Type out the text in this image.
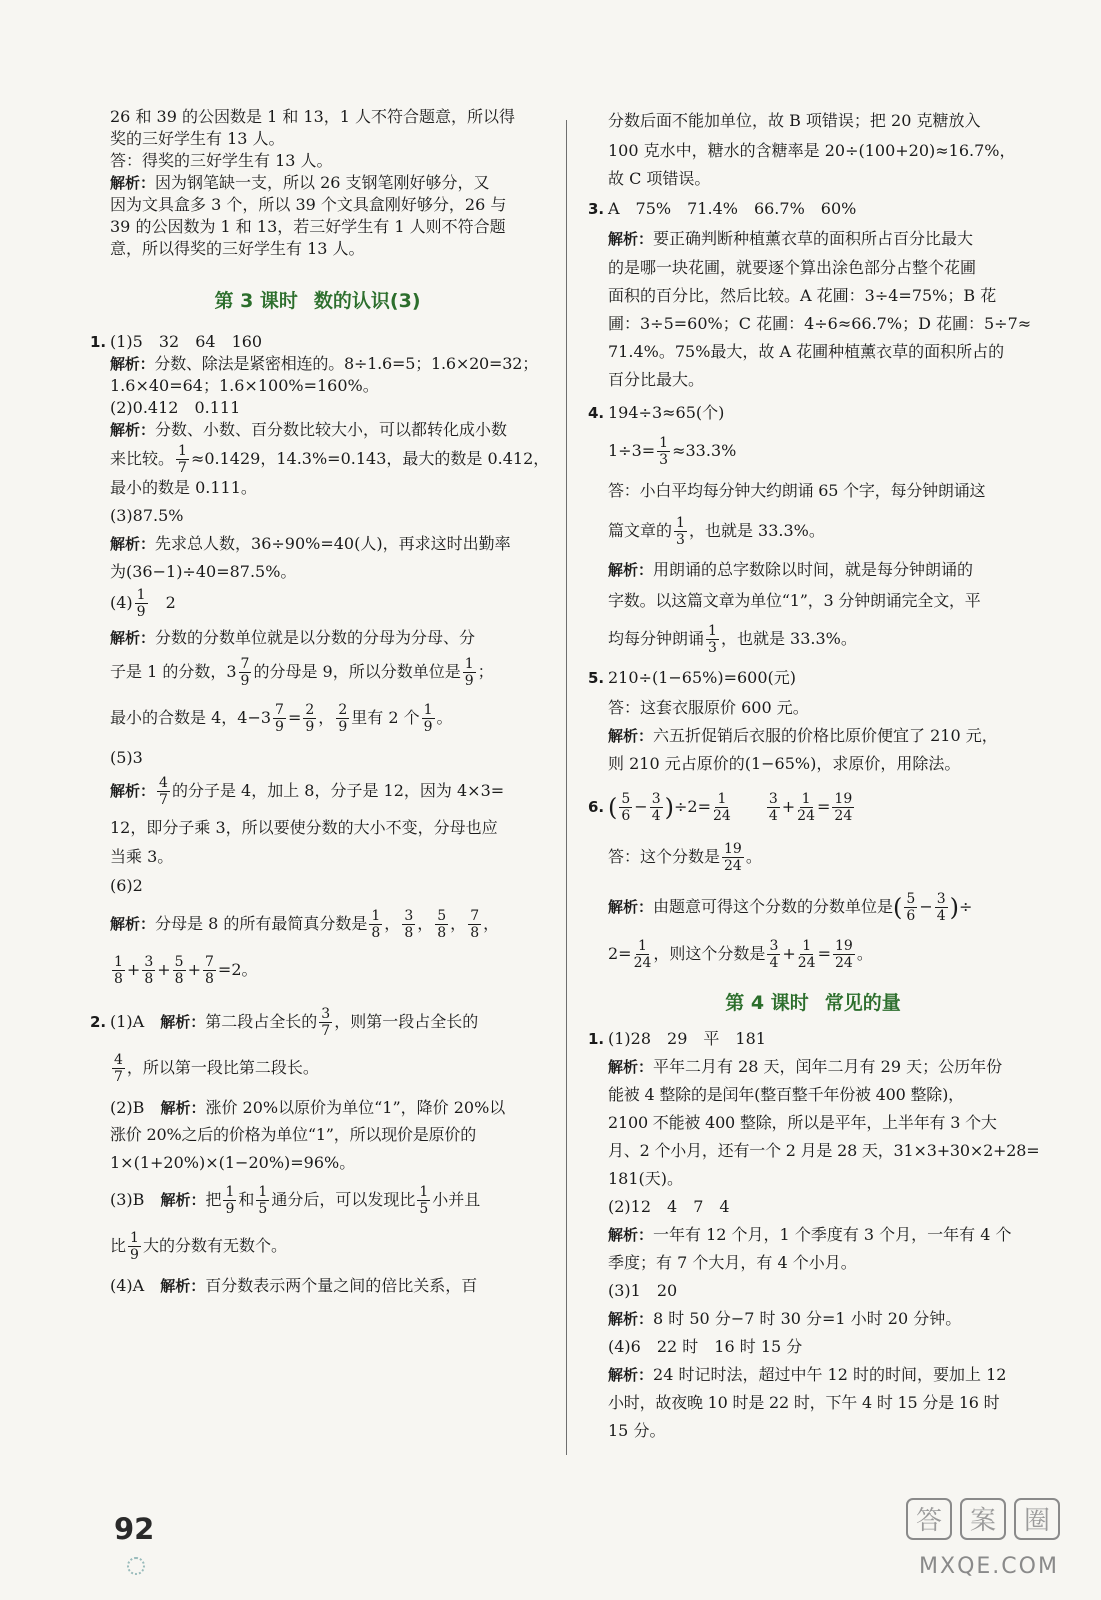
26 和 39 的公因数是 1 和 13，1 人不符合题意，所以得

奖的三好学生有 13 人。

答：得奖的三好学生有 13 人。

解析：因为钢笔缺一支，所以 26 支钢笔刚好够分，又

因为文具盒多 3 个，所以 39 个文具盒刚好够分，26 与

39 的公因数为 1 和 13，若三好学生有 1 人则不符合题

意，所以得奖的三好学生有 13 人。

第 3 课时 数的认识(3)

1. (1)5　32　64　160

解析：分数、除法是紧密相连的。8÷1.6=5；1.6×20=32；

1.6×40=64；1.6×100%=160%。

(2)0.412　0.111

解析：分数、小数、百分数比较大小，可以都转化成小数

来比较。 $\frac{1}{7} \approx 0.1429$，14.3%=0.143，最大的数是 0.412，

最小的数是 0.111。

(3)87.5%

解析：先求总人数，36÷90%=40(人)，再求这时出勤率

为(36−1)÷40=87.5%。

$(4) \frac{1}{9}$
　 2

解析：分数的分数单位就是以分数的分母为分母、分

子是 1 的分数，$3 \frac{7}{9}$ 的分母是 9，所以分数单位是 $\frac{1}{9}$ ；

最小的合数是 4，$4-3 \frac{7}{9} = \frac{2}{9}$ ， $\frac{2}{9}$ 里有 2 个 $\frac{1}{9}$ 。

(5)3

解析： $\frac{4}{7}$ 的分子是 4，加上 8，分子是 12，因为 4×3=

12，即分子乘 3，所以要使分数的大小不变，分母也应

当乘 3。

(6)2

解析：分母是 8 的所有最简真分数是 $\frac{1}{8}$ ， $\frac{3}{8}$ ， $\frac{5}{8}$ ， $\frac{7}{8}$ ，

$\frac{1}{8} + \frac{3}{8} + \frac{5}{8} + \frac{7}{8} =2$。

2. (1)A　 解析：第二段占全长的 $\frac{3}{7}$ ，则第一段占全长的

$\frac{4}{7}$ ，所以第一段比第二段长。

(2)B　 解析：涨价 20%以原价为单位“1”，降价 20%以

涨价 20%之后的价格为单位“1”，所以现价是原价的

1×(1+20%)×(1−20%)=96%。

(3)B　 解析：把 $\frac{1}{9}$ 和 $\frac{1}{5}$ 通分后，可以发现比 $\frac{1}{5}$ 小并且

比 $\frac{1}{9}$ 大的分数有无数个。

(4)A　 解析：百分数表示两个量之间的倍比关系，百

分数后面不能加单位，故 B 项错误；把 20 克糖放入

100 克水中，糖水的含糖率是 20÷(100+20)≈16.7%，

故 C 项错误。

3. A　75%　71.4%　66.7%　60%

解析：要正确判断种植薰衣草的面积所占百分比最大

的是哪一块花圃，就要逐个算出涂色部分占整个花圃

面积的百分比，然后比较。A 花圃：3÷4=75%；B 花

圃：3÷5=60%；C 花圃：4÷6≈66.7%；D 花圃：5÷7≈

71.4%。75%最大，故 A 花圃种植薰衣草的面积所占的

百分比最大。

4. 194÷3≈65(个)

$1\div 3= \frac{1}{3} \approx 33.3\%$

答：小白平均每分钟大约朗诵 65 个字，每分钟朗诵这

篇文章的 $\frac{1}{3}$ ，也就是 33.3%。

解析：用朗诵的总字数除以时间，就是每分钟朗诵的

字数。以这篇文章为单位“1”，3 分钟朗诵完全文，平

均每分钟朗诵 $\frac{1}{3}$ ，也就是 33.3%。

5. 210÷(1−65%)=600(元)

答：这套衣服原价 600 元。

解析：六五折促销后衣服的价格比原价便宜了 210 元，

则 210 元占原价的(1−65%)，求原价，用除法。

6. ( $\frac{5}{6} - \frac{3}{4} )\div 2= \frac{1}{24}$
　　	$\frac{3}{4} + \frac{1}{24} = \frac{19}{24}$

答：这个分数是 $\frac{19}{24}$ 。

解析：由题意可得这个分数的分数单位是( $\frac{5}{6} - \frac{3}{4}$ )÷

$2= \frac{1}{24}$ ，则这个分数是 $\frac{3}{4} + \frac{1}{24} = \frac{19}{24}$ 。

第 4 课时 常见的量

1. (1)28　29　平　181

解析：平年二月有 28 天，闰年二月有 29 天；公历年份

能被 4 整除的是闰年(整百整千年份被 400 整除)，

2100 不能被 400 整除，所以是平年，上半年有 3 个大

月、2 个小月，还有一个 2 月是 28 天，31×3+30×2+28=

181(天)。

(2)12　4　7　4

解析：一年有 12 个月，1 个季度有 3 个月，一年有 4 个

季度；有 7 个大月，有 4 个小月。

(3)1　20

解析：8 时 50 分−7 时 30 分=1 小时 20 分钟。

(4)6　22 时　16 时 15 分

解析：24 时记时法，超过中午 12 时的时间，要加上 12

小时，故夜晚 10 时是 22 时，下午 4 时 15 分是 16 时

15 分。

92	答 案 圈
MXQE.COM
